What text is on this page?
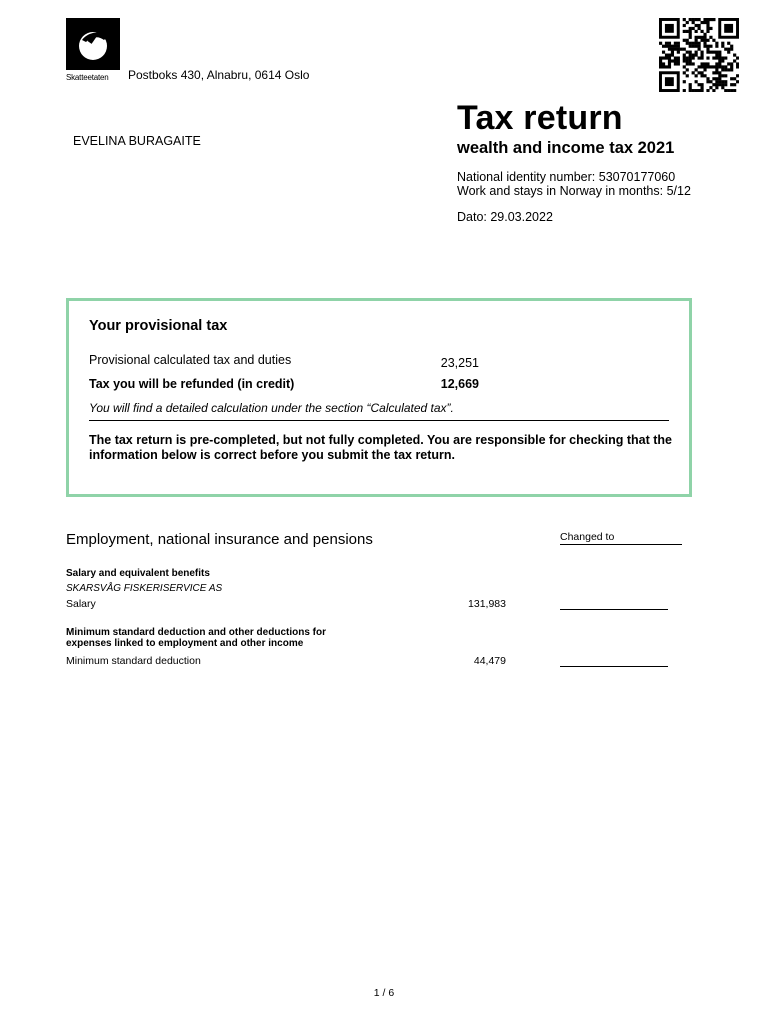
Skatteetaten	Postboks 430, Alnabru, 0614 Oslo
EVELINA BURAGAITE
Tax return
wealth and income tax 2021
National identity number: 53070177060
Work and stays in Norway in months: 5/12
Dato: 29.03.2022
Your provisional tax
Provisional calculated tax and duties	23,251
Tax you will be refunded (in credit)	12,669
You will find a detailed calculation under the section “Calculated tax”.
The tax return is pre-completed, but not fully completed. You are responsible for checking that the information below is correct before you submit the tax return.
Employment, national insurance and pensions	Changed to
Salary and equivalent benefits
SKARSVÅG FISKERISERVICE AS
Salary	131,983
Minimum standard deduction and other deductions for
expenses linked to employment and other income
Minimum standard deduction	44,479
1 / 6
